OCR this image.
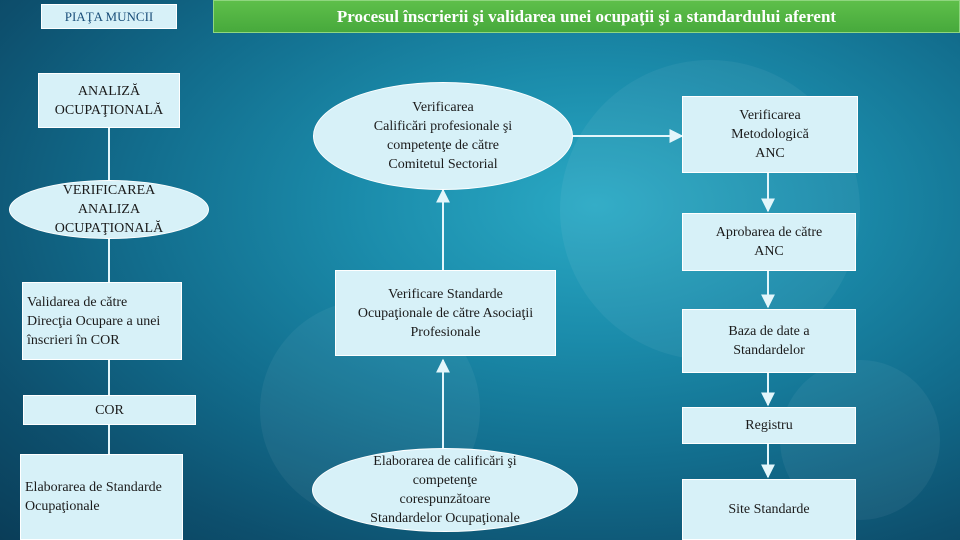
PIAŢA MUNCII	Procesul înscrierii şi validarea unei ocupaţii şi a standardului aferent
ANALIZĂ
OCUPAŢIONALĂ
VERIFICAREA
ANALIZA
OCUPAŢIONALĂ
Validarea de către
Direcţia Ocupare a unei
înscrieri în COR
COR
Elaborarea de Standarde
Ocupaţionale
Verificarea
Calificări profesionale şi
competenţe de către
Comitetul Sectorial
Verificare Standarde
Ocupaţionale de către Asociaţii
Profesionale
Elaborarea de calificări şi
competenţe
corespunzătoare
Standardelor Ocupaţionale
Verificarea
Metodologică
ANC
Aprobarea de către
ANC
Baza de date a
Standardelor
Registru
Site Standarde
